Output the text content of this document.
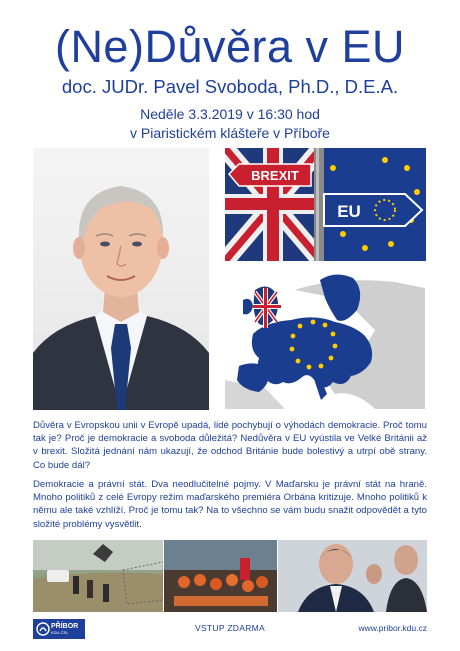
(Ne)Důvěra v EU
doc. JUDr. Pavel Svoboda, Ph.D., D.E.A.
Neděle 3.3.2019 v 16:30 hod
v Piaristickém klášteře v Příboře
BREXIT
EU
Důvěra v Evropskou unii v Evropě upadá, lidé pochybují o výhodách demokracie. Proč tomu tak je? Proč je demokracie a svoboda důležitá? Nedůvěra v EU vyústila ve Velké Británii až v brexit. Složitá jednání nám ukazují, že odchod Británie bude bolestivý a utrpí obě strany. Co bude dál?
Demokracie a právní stát. Dva neodlučitelné pojmy. V Maďarsku je právní stát na hraně. Mnoho politiků z celé Evropy režim maďarského premiéra Orbána kritizuje. Mnoho politiků k němu ale také vzhlíží. Proč je tomu tak? Na to všechno se vám budu snažit odpovědět a tyto složité problémy vysvětlit.
PŘÍBOR
KDU-ČSL	VSTUP ZDARMA	www.pribor.kdu.cz
